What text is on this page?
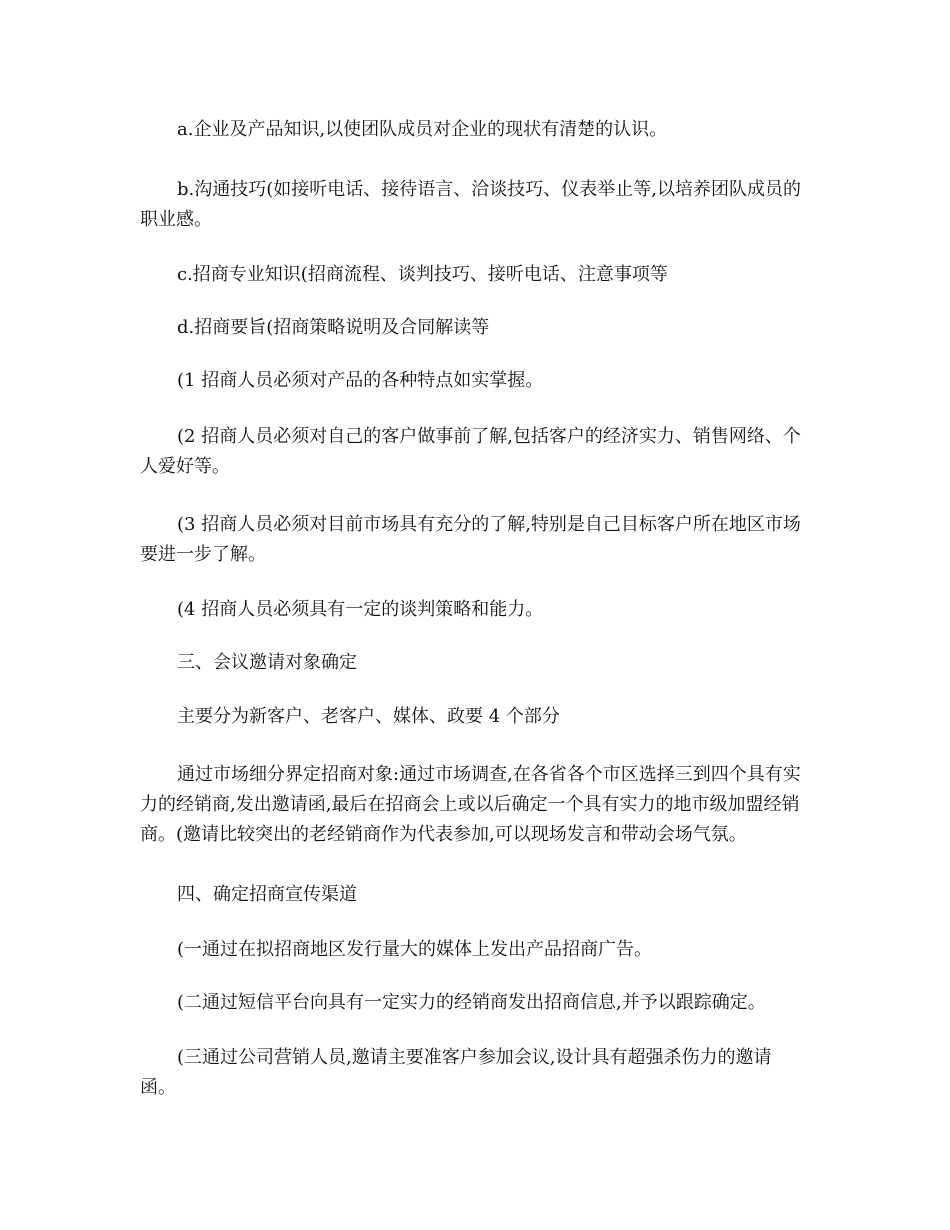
a.企业及产品知识,以使团队成员对企业的现状有清楚的认识。

b.沟通技巧(如接听电话、接待语言、洽谈技巧、仪表举止等,以培养团队成员的职业感。

c.招商专业知识(招商流程、谈判技巧、接听电话、注意事项等

d.招商要旨(招商策略说明及合同解读等

(1 招商人员必须对产品的各种特点如实掌握。

(2 招商人员必须对自己的客户做事前了解,包括客户的经济实力、销售网络、个人爱好等。

(3 招商人员必须对目前市场具有充分的了解,特别是自己目标客户所在地区市场要进一步了解。

(4 招商人员必须具有一定的谈判策略和能力。

三、会议邀请对象确定

主要分为新客户、老客户、媒体、政要 4 个部分

通过市场细分界定招商对象:通过市场调查,在各省各个市区选择三到四个具有实力的经销商,发出邀请函,最后在招商会上或以后确定一个具有实力的地市级加盟经销商。(邀请比较突出的老经销商作为代表参加,可以现场发言和带动会场气氛。

四、确定招商宣传渠道

(一通过在拟招商地区发行量大的媒体上发出产品招商广告。

(二通过短信平台向具有一定实力的经销商发出招商信息,并予以跟踪确定。

(三通过公司营销人员,邀请主要准客户参加会议,设计具有超强杀伤力的邀请函。
